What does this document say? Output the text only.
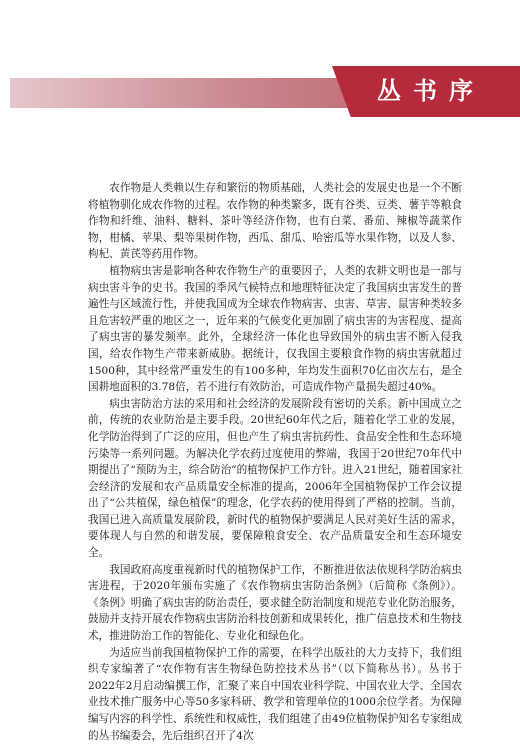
丛书序

农作物是人类赖以生存和繁衍的物质基础，人类社会的发展史也是一个不断将植物驯化成农作物的过程。农作物的种类繁多，既有谷类、豆类、薯芋等粮食作物和纤维、油料、糖料、茶叶等经济作物，也有白菜、番茄、辣椒等蔬菜作物，柑橘、苹果、梨等果树作物，西瓜、甜瓜、哈密瓜等水果作物，以及人参、枸杞、黄芪等药用作物。

植物病虫害是影响各种农作物生产的重要因子，人类的农耕文明也是一部与病虫害斗争的史书。我国的季风气候特点和地理特征决定了我国病虫害发生的普遍性与区域流行性，并使我国成为全球农作物病害、虫害、草害、鼠害种类较多且危害较严重的地区之一，近年来的气候变化更加剧了病虫害的为害程度、提高了病虫害的暴发频率。此外，全球经济一体化也导致国外的病虫害不断入侵我国，给农作物生产带来新威胁。据统计，仅我国主要粮食作物的病虫害就超过1500种，其中经常严重发生的有100多种，年均发生面积70亿亩次左右，是全国耕地面积的3.78倍，若不进行有效防治，可造成作物产量损失超过40%。

病虫害防治方法的采用和社会经济的发展阶段有密切的关系。新中国成立之前，传统的农业防治是主要手段。20世纪60年代之后，随着化学工业的发展，化学防治得到了广泛的应用，但也产生了病虫害抗药性、食品安全性和生态环境污染等一系列问题。为解决化学农药过度使用的弊端，我国于20世纪70年代中期提出了“预防为主，综合防治”的植物保护工作方针。进入21世纪，随着国家社会经济的发展和农产品质量安全标准的提高，2006年全国植物保护工作会议提出了“公共植保，绿色植保”的理念，化学农药的使用得到了严格的控制。当前，我国已进入高质量发展阶段，新时代的植物保护要满足人民对美好生活的需求，要体现人与自然的和谐发展，要保障粮食安全、农产品质量安全和生态环境安全。

我国政府高度重视新时代的植物保护工作，不断推进依法依规科学防治病虫害进程，于2020年颁布实施了《农作物病虫害防治条例》（后简称《条例》）。《条例》明确了病虫害的防治责任，要求健全防治制度和规范专业化防治服务，鼓励并支持开展农作物病虫害防治科技创新和成果转化，推广信息技术和生物技术，推进防治工作的智能化、专业化和绿色化。

为适应当前我国植物保护工作的需要，在科学出版社的大力支持下，我们组织专家编著了“农作物有害生物绿色防控技术丛书”（以下简称丛书）。丛书于2022年2月启动编撰工作，汇聚了来自中国农业科学院、中国农业大学、全国农业技术推广服务中心等50多家科研、教学和管理单位的1000余位学者。为保障编写内容的科学性、系统性和权威性，我们组建了由49位植物保护知名专家组成的丛书编委会，先后组织召开了4次
